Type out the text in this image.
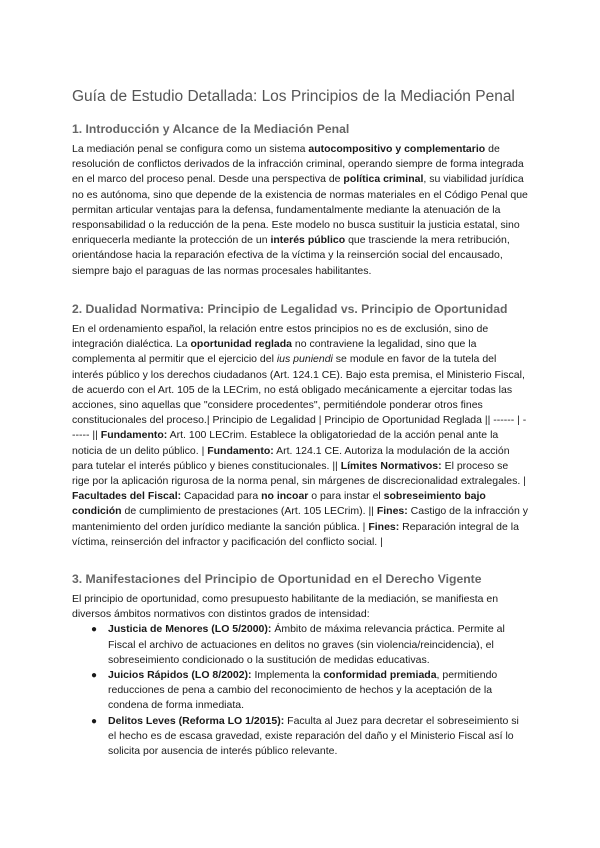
Guía de Estudio Detallada: Los Principios de la Mediación Penal
1. Introducción y Alcance de la Mediación Penal

La mediación penal se configura como un sistema autocompositivo y complementario de resolución de conflictos derivados de la infracción criminal, operando siempre de forma integrada en el marco del proceso penal. Desde una perspectiva de política criminal, su viabilidad jurídica no es autónoma, sino que depende de la existencia de normas materiales en el Código Penal que permitan articular ventajas para la defensa, fundamentalmente mediante la atenuación de la responsabilidad o la reducción de la pena. Este modelo no busca sustituir la justicia estatal, sino enriquecerla mediante la protección de un interés público que trasciende la mera retribución, orientándose hacia la reparación efectiva de la víctima y la reinserción social del encausado, siempre bajo el paraguas de las normas procesales habilitantes.

2. Dualidad Normativa: Principio de Legalidad vs. Principio de Oportunidad

En el ordenamiento español, la relación entre estos principios no es de exclusión, sino de integración dialéctica. La oportunidad reglada no contraviene la legalidad, sino que la complementa al permitir que el ejercicio del ius puniendi se module en favor de la tutela del interés público y los derechos ciudadanos (Art. 124.1 CE). Bajo esta premisa, el Ministerio Fiscal, de acuerdo con el Art. 105 de la LECrim, no está obligado mecánicamente a ejercitar todas las acciones, sino aquellas que "considere procedentes", permitiéndole ponderar otros fines constitucionales del proceso.| Principio de Legalidad | Principio de Oportunidad Reglada || ------ | ------ || Fundamento: Art. 100 LECrim. Establece la obligatoriedad de la acción penal ante la noticia de un delito público. | Fundamento: Art. 124.1 CE. Autoriza la modulación de la acción para tutelar el interés público y bienes constitucionales. || Límites Normativos: El proceso se rige por la aplicación rigurosa de la norma penal, sin márgenes de discrecionalidad extralegales. | Facultades del Fiscal: Capacidad para no incoar o para instar el sobreseimiento bajo condición de cumplimiento de prestaciones (Art. 105 LECrim). || Fines: Castigo de la infracción y mantenimiento del orden jurídico mediante la sanción pública. | Fines: Reparación integral de la víctima, reinserción del infractor y pacificación del conflicto social. |

3. Manifestaciones del Principio de Oportunidad en el Derecho Vigente

El principio de oportunidad, como presupuesto habilitante de la mediación, se manifiesta en diversos ámbitos normativos con distintos grados de intensidad:

● Justicia de Menores (LO 5/2000): Ámbito de máxima relevancia práctica. Permite al Fiscal el archivo de actuaciones en delitos no graves (sin violencia/reincidencia), el sobreseimiento condicionado o la sustitución de medidas educativas.
● Juicios Rápidos (LO 8/2002): Implementa la conformidad premiada, permitiendo reducciones de pena a cambio del reconocimiento de hechos y la aceptación de la condena de forma inmediata.
● Delitos Leves (Reforma LO 1/2015): Faculta al Juez para decretar el sobreseimiento si el hecho es de escasa gravedad, existe reparación del daño y el Ministerio Fiscal así lo solicita por ausencia de interés público relevante.
